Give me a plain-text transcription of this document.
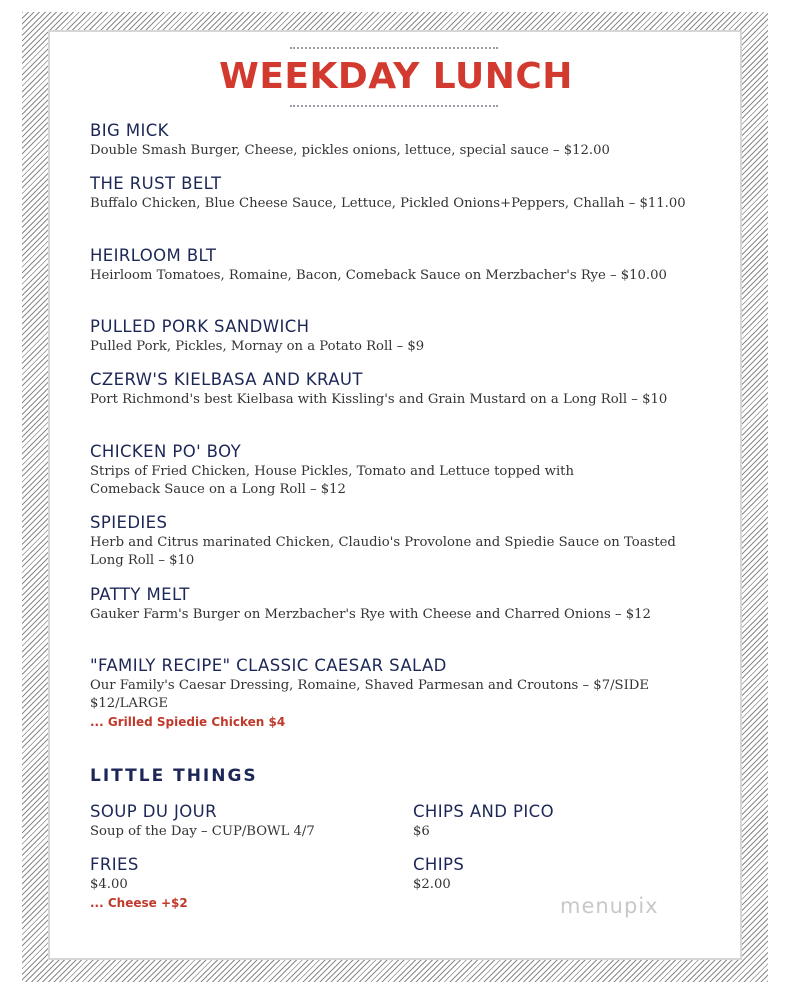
WEEKDAY LUNCH
BIG MICK
Double Smash Burger, Cheese, pickles onions, lettuce, special sauce – $12.00
THE RUST BELT
Buffalo Chicken, Blue Cheese Sauce, Lettuce, Pickled Onions+Peppers, Challah – $11.00
HEIRLOOM BLT
Heirloom Tomatoes, Romaine, Bacon, Comeback Sauce on Merzbacher's Rye – $10.00
PULLED PORK SANDWICH
Pulled Pork, Pickles, Mornay on a Potato Roll – $9
CZERW'S KIELBASA AND KRAUT
Port Richmond's best Kielbasa with Kissling's and Grain Mustard on a Long Roll – $10
CHICKEN PO' BOY
Strips of Fried Chicken, House Pickles, Tomato and Lettuce topped with Comeback Sauce on a Long Roll – $12
SPIEDIES
Herb and Citrus marinated Chicken, Claudio's Provolone and Spiedie Sauce on Toasted Long Roll – $10
PATTY MELT
Gauker Farm's Burger on Merzbacher's Rye with Cheese and Charred Onions – $12
"FAMILY RECIPE" CLASSIC CAESAR SALAD
Our Family's Caesar Dressing, Romaine, Shaved Parmesan and Croutons – $7/SIDE $12/LARGE
... Grilled Spiedie Chicken $4
LITTLE THINGS
SOUP DU JOUR
Soup of the Day – CUP/BOWL 4/7
CHIPS AND PICO
$6
FRIES
$4.00
... Cheese +$2
CHIPS
$2.00
menupix
